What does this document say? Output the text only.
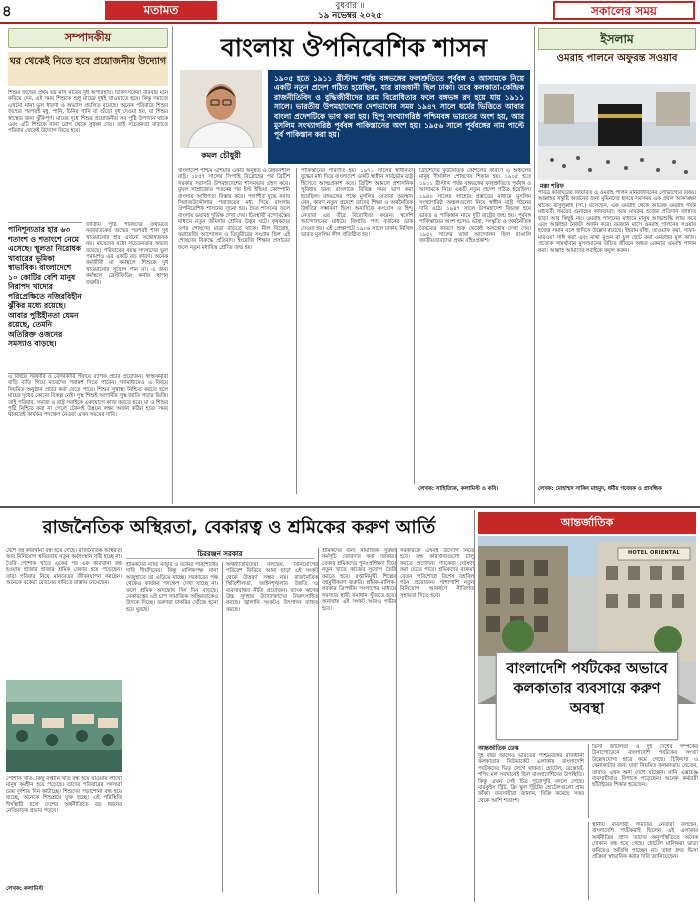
৪	মতামত	বুধবার ॥
১৯ নভেম্বর ২০২৫	সকালের সময়
সম্পাদকীয়
ঘর থেকেই নিতে হবে প্রয়োজনীয় উদ্যোগ
শিশুর জন্মের প্রথম ছয় মাস মায়ের দুধ অপরিহার্য। চিকিৎসকেরা বারবার মনে করিয়ে দেন, এই সময় শিশুকে শুধু মায়ের দুধই খাওয়াতে হবে। কিন্তু সমাজে এখনো নানা ভুল ধারণা ও অভ্যাস প্রচলিত রয়েছে। অনেক পরিবারে শিশুর জন্মের পরপরই মধু, পানি, চিনির পানি বা গুঁড়ো দুধ দেওয়া হয়, যা শিশুর স্বাস্থ্যের জন্য ঝুঁকিপূর্ণ। মায়ের দুধে শিশুর প্রয়োজনীয় সব পুষ্টি উপাদান থাকে এবং এটি শিশুকে নানা রোগ থেকে সুরক্ষা দেয়। তাই সচেতনতা বাড়াতে পরিবার থেকেই উদ্যোগ নিতে হবে।
পানিশূন্যতার হার ৬৩ শতাংশ ও শতাংশে নেমে এসেছে। স্থূলতা নিরোধক খাবারের ভূমিকা স্বাভাবিক। বাংলাদেশে ১০ কোটির বেশি মানুষ নিরাপদ খাদ্যের পরিপ্রেক্ষিতে নজিরবিহীন ঝুঁকির মধ্যে রয়েছে। আবার পুষ্টিহীনতা যেমন রয়েছে, তেমনি অতিরিক্ত ওজনের সমস্যাও বাড়ছে।
জাতীয় পুষ্টি পরিষদের তথ্যমতে নবজাতকের জন্মের পরপরই শাল দুধ খাওয়ানোর হার এখনো সন্তোষজনক নয়। মায়েদের মধ্যে সচেতনতার অভাব রয়েছে। পরিবারের বয়স্ক সদস্যদের ভুল পরামর্শও এর একটি বড় কারণ। অনেক কর্মজীবী মা কর্মস্থলে শিশুকে দুধ খাওয়ানোর সুযোগ পান না। এ জন্য কর্মস্থলে ব্রেস্টফিডিং কর্নার স্থাপন জরুরি।
এ বিষয়ে সরকারি ও বেসরকারি পর্যায়ে ব্যাপক প্রচার প্রয়োজন। স্বাস্থ্যকর্মীরা বাড়ি বাড়ি গিয়ে মায়েদের পরামর্শ দিতে পারেন। গণমাধ্যমেও এ বিষয়ে নিয়মিত অনুষ্ঠান প্রচার করা যেতে পারে। শিশুর সুস্বাস্থ্য নিশ্চিত করতে হলে মায়ের দুধের কোনো বিকল্প নেই। সুস্থ শিশুই আগামীর সুস্থ জাতি গড়ার ভিত্তি। তাই পরিবার, সমাজ ও রাষ্ট্র সবাইকে একযোগে কাজ করতে হবে। মা ও শিশুর পুষ্টি নিশ্চিত করা না গেলে টেকসই উন্নয়ন লক্ষ্য অর্জন কঠিন হবে। সময় থাকতেই কার্যকর পদক্ষেপ নেওয়া এখন সময়ের দাবি।
বাংলায় ঔপনিবেশিক শাসন
কমল চৌধুরী
১৯০৫ হতে ১৯১১ খ্রীস্টাব্দ পর্যন্ত বঙ্গভঙ্গের ফলশ্রুতিতে পূর্ববঙ্গ ও আসামকে নিয়ে একটি নতুন প্রদেশ গঠিত হয়েছিল, যার রাজধানী ছিল ঢাকা। তবে কলকাতা-কেন্দ্রিক রাজনীতিবিদ ও বুদ্ধিজীবীদের চরম বিরোধিতার ফলে বঙ্গভঙ্গ রদ হয়ে যায় ১৯১১ সালে। ভারতীয় উপমহাদেশের দেশভাগের সময় ১৯৪৭ সালে ধর্মের ভিত্তিতে আবার বাংলা প্রদেশটিকে ভাগ করা হয়। হিন্দু সংখ্যাগরিষ্ঠ পশ্চিমবঙ্গ ভারতের অংশ হয়, আর মুসলিম সংখ্যাগরিষ্ঠ পূর্ববঙ্গ পাকিস্তানের অংশ হয়। ১৯৫৬ সালে পূর্ববঙ্গের নাম পাল্টে পূর্ব পাকিস্তান করা হয়।
বাংলাদেশ পশ্চিম এশিয়ার একটি অনুন্নত ও উন্নয়নশীল রাষ্ট্র। ১৮৫৭ সালের সিপাহি বিদ্রোহের পর ব্রিটিশ সরকার সরাসরি উপমহাদেশের শাসনভার গ্রহণ করে। মুঘল সাম্রাজ্যের পতনের পর ইস্ট ইন্ডিয়া কোম্পানি বাংলায় আধিপত্য বিস্তার করে। পলাশীর যুদ্ধে নবাব সিরাজউদ্দৌলার পরাজয়ের মধ্য দিয়ে বাংলায় ঔপনিবেশিক শাসনের সূচনা হয়। দ্বৈত শাসনের ফলে বাংলায় ভয়াবহ দুর্ভিক্ষ দেখা দেয়। চিরস্থায়ী বন্দোবস্তের মাধ্যমে নতুন জমিদার শ্রেণির উদ্ভব ঘটে। কৃষকদের ওপর শোষণের মাত্রা বাড়তে থাকে। নীল বিদ্রোহ, ফরায়েজি আন্দোলন ও তিতুমীরের সংগ্রাম ছিল এই শোষণের বিরুদ্ধে প্রতিবাদ। ইংরেজি শিক্ষার প্রসারের ফলে নতুন মধ্যবিত্ত শ্রেণির জন্ম হয়।
পাকিস্তানের পরিণতি হয়। ১৯৭১ সালের স্বাধীনতা যুদ্ধের মধ্য দিয়ে বাংলাদেশ একটি স্বাধীন সার্বভৌম রাষ্ট্র হিসেবে আত্মপ্রকাশ করে। ব্রিটিশ আমলে প্রশাসনিক সুবিধার জন্য বাংলাকে বিভিন্ন সময় ভাগ করা হয়েছিল। বঙ্গভঙ্গের পক্ষে মুসলিম নেতারা অবস্থান নেন, কারণ নতুন প্রদেশে তাদের শিক্ষা ও অর্থনৈতিক উন্নতির সম্ভাবনা ছিল। অন্যদিকে কংগ্রেস ও হিন্দু নেতারা এর তীব্র বিরোধিতা করেন। স্বদেশি আন্দোলনের মাধ্যমে বিলাতি পণ্য বর্জনের ডাক দেওয়া হয়। এই প্রেক্ষাপটে ১৯০৬ সালে ঢাকায় নিখিল ভারত মুসলিম লীগ প্রতিষ্ঠিত হয়।
ব্রিটিশদের কূটনৈতিক কৌশলের কারণে এ অঞ্চলের মানুষ দীর্ঘকাল শোষণের শিকার হয়। ১৯০৫ হতে ১৯১১ খ্রীস্টাব্দ পর্যন্ত বঙ্গভঙ্গের ফলশ্রুতিতে পূর্ববঙ্গ ও আসামকে নিয়ে একটি নতুন প্রদেশ গঠিত হয়েছিল। ১৯৪০ সালের লাহোর প্রস্তাবের মাধ্যমে মুসলিম সংখ্যাগরিষ্ঠ অঞ্চলগুলো নিয়ে স্বাধীন রাষ্ট্র গঠনের দাবি ওঠে। ১৯৪৭ সালে উপমহাদেশ বিভক্ত হয়ে ভারত ও পাকিস্তান নামে দুটি রাষ্ট্রের জন্ম হয়। পূর্ববঙ্গ পাকিস্তানের অংশ হলেও ভাষা, সংস্কৃতি ও অর্থনৈতিক বৈষম্যের কারণে শুরু থেকেই অসন্তোষ দেখা দেয়। ১৯৫২ সালের ভাষা আন্দোলন ছিল বাঙালি জাতীয়তাবাদের প্রথম বহিঃপ্রকাশ।
লেখক: সাহিত্যিক, কলামিস্ট ও কবি।
ইসলাম
ওমরাহ পালনে অফুরন্ত সওয়াব
মক্কা শরিফ
পবিত্র কাবাঘরের জিয়ারত ও ওমরাহ পালন মানবজীবনের সৌভাগ্যের বিষয়। আল্লাহর সন্তুষ্টি অর্জনের জন্য মুমিনদের হৃদয়ে সবসময় এক প্রবল আকাঙ্ক্ষা থাকে। রাসুলুল্লাহ (সা.) বলেছেন, এক ওমরাহ থেকে আরেক ওমরাহ পর্যন্ত মধ্যবর্তী সময়ের গুনাহের কাফফারা। আর মাবরুর হজের প্রতিদান জান্নাত ছাড়া আর কিছুই নয়। ওমরাহ পালনের মাধ্যমে মানুষ আত্মশুদ্ধি লাভ করে এবং আল্লাহর নৈকট্য অর্জন করে। রমজান মাসে ওমরাহ পালনের সওয়াব হজের সমান বলে হাদিসে উল্লেখ রয়েছে। ইহরাম বাঁধা, তাওয়াফ করা, সাফা-মারওয়া সাঈ করা এবং মাথা মুণ্ডন বা চুল ছোট করা ওমরাহর মূল কাজ। প্রত্যেক সামর্থ্যবান মুসলমানের উচিত জীবনে অন্তত একবার ওমরাহ পালন করা। আল্লাহ আমাদের সবাইকে কবুল করুন।
লেখক: মোহাম্মদ সাকিব মাহমুদ, ধর্মীয় গবেষক ও প্রাবন্ধিক
রাজনৈতিক অস্থিরতা, বেকারত্ব ও শ্রমিকের করুণ আর্তি
দেশে বহু কারখানা বন্ধ হয়ে গেছে। রাজনৈতিক অস্থিরতা আর বিনিয়োগ স্থবিরতায় নতুন কর্মসংস্থান সৃষ্টি হচ্ছে না। তৈরি পোশাক খাতে একের পর এক কারখানা বন্ধ হওয়ায় হাজার হাজার শ্রমিক বেকার হয়ে পড়েছেন। তারা পরিবার নিয়ে মানবেতর জীবনযাপন করছেন। অনেকে বকেয়া বেতনের দাবিতে রাস্তায় নেমেছেন।
চিররঞ্জন সরকার
শ্রমিকদের ন্যায্য মজুরি ও বকেয়া পরিশোধের দাবি দীর্ঘদিনের। কিন্তু মালিকপক্ষ নানা অজুহাতে তা এড়িয়ে যাচ্ছে। সরকারের পক্ষ থেকেও কার্যকর পদক্ষেপ দেখা যাচ্ছে না। ফলে শ্রমিক অসন্তোষ দিন দিন বাড়ছে। বেকারত্বের এই চাপ সামাজিক অস্থিরতাকেও উসকে দিচ্ছে। তরুণরা চাকরির খোঁজে হন্যে হয়ে ঘুরছে।
অর্থনীতিবিদেরা বলছেন, বিনিয়োগের পরিবেশ ফিরিয়ে আনা ছাড়া এই সংকট থেকে উত্তরণ সম্ভব নয়। রাজনৈতিক স্থিতিশীলতা, আইনশৃঙ্খলার উন্নতি ও ব্যবসাবান্ধব নীতি প্রয়োজন। ব্যাংক ঋণের উচ্চ সুদহার উদ্যোক্তাদের নিরুৎসাহিত করছে। জ্বালানি সংকটও উৎপাদন ব্যাহত করছে।
শ্রমিকদের জন্য সামাজিক সুরক্ষা কর্মসূচি জোরদার করা দরকার। বেকার শ্রমিকদের পুনঃপ্রশিক্ষণ দিয়ে নতুন খাতে কাজের সুযোগ তৈরি করতে হবে। রপ্তানিমুখী শিল্পের বহুমুখীকরণ জরুরি। শ্রমিক-মালিক-সরকার ত্রিপক্ষীয় সংলাপের মাধ্যমে সমস্যার স্থায়ী সমাধান খুঁজতে হবে। অন্যথায় এই সংকট আরও গভীর হবে।
সরকারকে এখনই উদ্যোগ নিতে হবে। বন্ধ কারখানাগুলো চালু করতে প্রণোদনা প্যাকেজ ঘোষণা করা যেতে পারে। শ্রমিকদের বকেয়া বেতন পরিশোধে বিশেষ তহবিল গঠন প্রয়োজন। পাশাপাশি নতুন বিনিয়োগ আকর্ষণে নীতিগত সহায়তা দিতে হবে।
পোশাক খাত, কিছু রপ্তানি খাত বন্ধ হয়ে যাওয়ায় লাখো মানুষ কর্মহীন হয়ে পড়েছে। তাদের পরিবারের সদস্যরা চরম দুর্দশায় দিন কাটাচ্ছে। শিশুদের পড়াশোনা বন্ধ হয়ে যাচ্ছে, অনেকে শিশুশ্রমে যুক্ত হচ্ছে। এই পরিস্থিতি দীর্ঘস্থায়ী হলে দেশের অর্থনীতিতে বড় ধরনের নেতিবাচক প্রভাব পড়বে।
লেখক: কলামিস্ট
আন্তর্জাতিক
HOTEL ORIENTAL
বাংলাদেশি পর্যটকের অভাবে কলকাতার ব্যবসায়ে করুণ অবস্থা
আন্তর্জাতিক ডেস্ক
দুই বছর আগেও ভারতের পশ্চিমবঙ্গের রাজধানী কলকাতার নিউমার্কেট এলাকায় বাংলাদেশি পর্যটকদের ভিড় লেগে থাকত। হোটেল, রেস্তোরাঁ, শপিং মল সবখানেই ছিল বাংলাদেশিদের উপস্থিতি। কিন্তু এখন সেই চিত্র পুরোপুরি বদলে গেছে। মারকুইস স্ট্রিট, ফ্রি স্কুল স্ট্রিটের হোটেলগুলো প্রায় ফাঁকা। ব্যবসায়ীরা জানান, বিক্রি কমেছে সত্তর থেকে আশি শতাংশ।
ভিসা জটিলতা ও দুই দেশের সম্পর্কের টানাপোড়েনে বাংলাদেশি পর্যটকের সংখ্যা উল্লেখযোগ্য হারে কমে গেছে। চিকিৎসা ও কেনাকাটার জন্য যারা নিয়মিত কলকাতায় যেতেন, তারাও এখন অন্য দেশে যাচ্ছেন। মানি এক্সচেঞ্জ ব্যবসায়ীরাও বিপাকে পড়েছেন। অনেক কর্মচারী ছাঁটাইয়ের শিকার হয়েছেন।
স্থানীয় ব্যবসায়ী সমিতির নেতারা বলছেন, বাংলাদেশি পর্যটকরাই ছিলেন এই এলাকার অর্থনীতির প্রাণ। তাদের অনুপস্থিতিতে অনেক দোকান বন্ধ হয়ে গেছে। হোটেল মালিকরা ভাড়া কমিয়েও অতিথি পাচ্ছেন না। তারা দ্রুত ভিসা প্রক্রিয়া স্বাভাবিক করার দাবি জানিয়েছেন।
